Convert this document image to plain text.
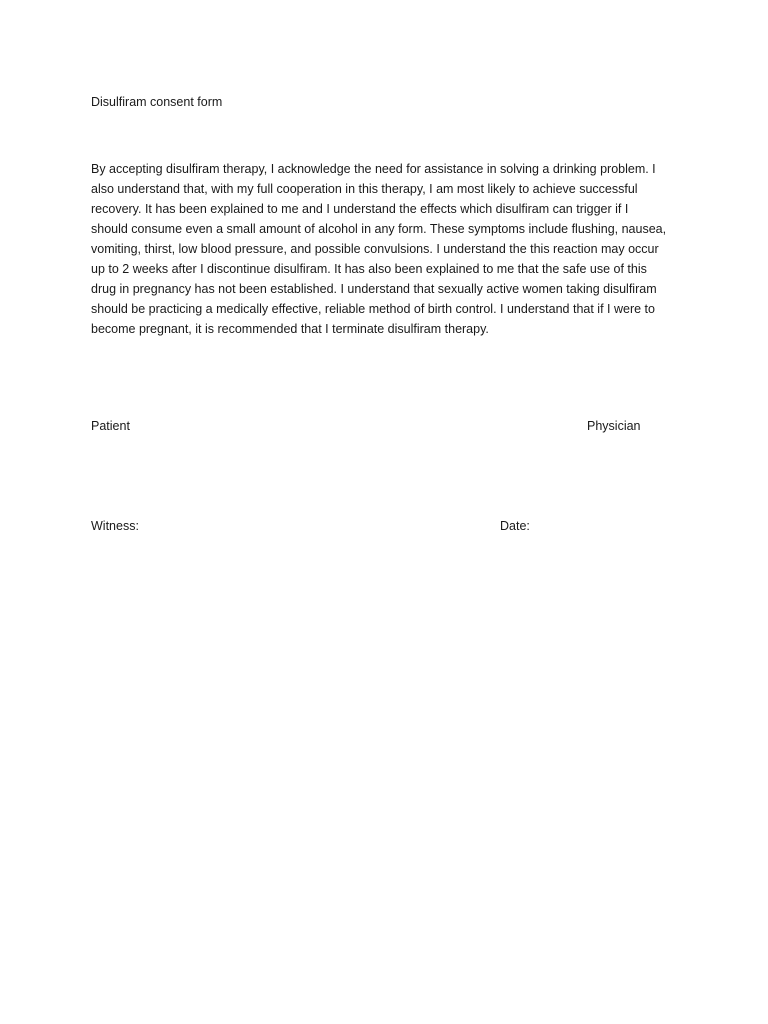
Disulfiram consent form
By accepting disulfiram therapy, I acknowledge the need for assistance in solving a drinking problem. I
also understand that, with my full cooperation in this therapy, I am most likely to achieve successful
recovery. It has been explained to me and I understand the effects which disulfiram can trigger if I
should consume even a small amount of alcohol in any form. These symptoms include flushing, nausea,
vomiting, thirst, low blood pressure, and possible convulsions. I understand the this reaction may occur
up to 2 weeks after I discontinue disulfiram. It has also been explained to me that the safe use of this
drug in pregnancy has not been established. I understand that sexually active women taking disulfiram
should be practicing a medically effective, reliable method of birth control. I understand that if I were to
become pregnant, it is recommended that I terminate disulfiram therapy.
Patient	Physician
Witness:	Date:
